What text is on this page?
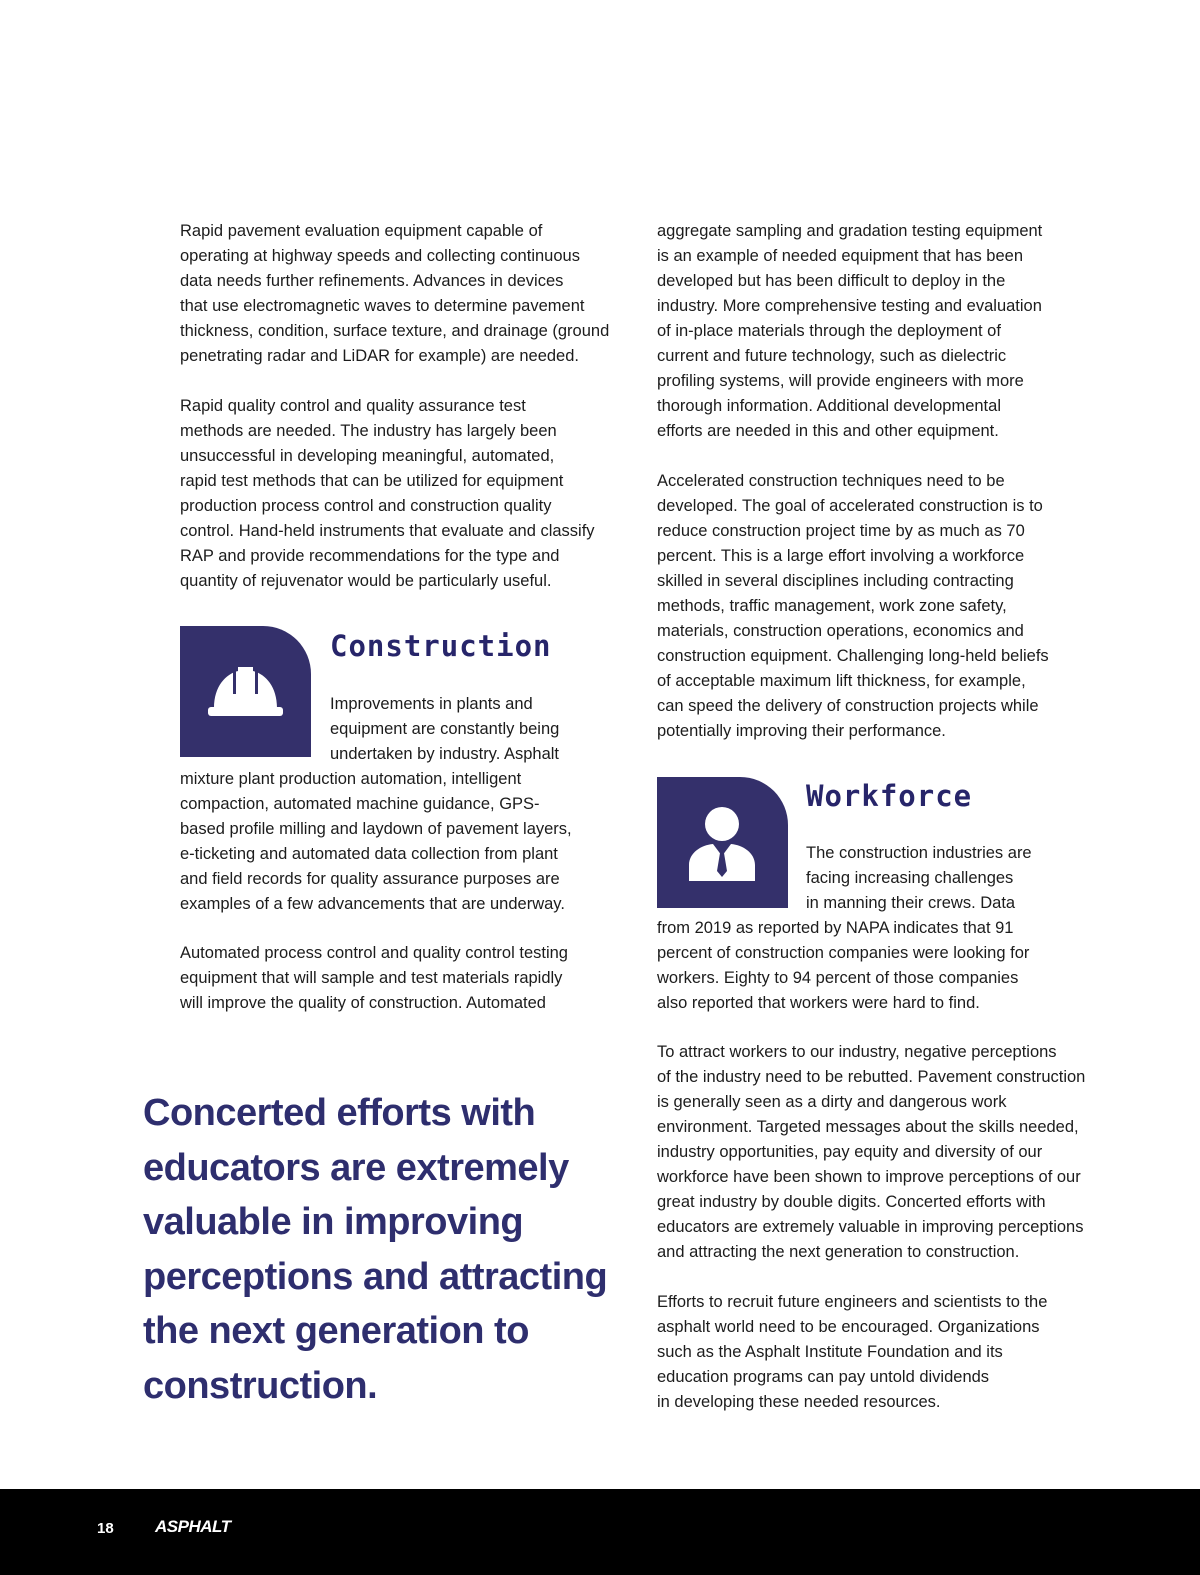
Rapid pavement evaluation equipment capable of
operating at highway speeds and collecting continuous
data needs further refinements. Advances in devices
that use electromagnetic waves to determine pavement
thickness, condition, surface texture, and drainage (ground
penetrating radar and LiDAR for example) are needed.

Rapid quality control and quality assurance test
methods are needed. The industry has largely been
unsuccessful in developing meaningful, automated,
rapid test methods that can be utilized for equipment
production process control and construction quality
control. Hand-held instruments that evaluate and classify
RAP and provide recommendations for the type and
quantity of rejuvenator would be particularly useful.

Construction
Improvements in plants and
equipment are constantly being
undertaken by industry. Asphalt
mixture plant production automation, intelligent
compaction, automated machine guidance, GPS-
based profile milling and laydown of pavement layers,
e-ticketing and automated data collection from plant
and field records for quality assurance purposes are
examples of a few advancements that are underway.
Automated process control and quality control testing
equipment that will sample and test materials rapidly
will improve the quality of construction. Automated
Concerted efforts with
educators are extremely
valuable in improving
perceptions and attracting
the next generation to
construction.

aggregate sampling and gradation testing equipment
is an example of needed equipment that has been
developed but has been difficult to deploy in the
industry. More comprehensive testing and evaluation
of in-place materials through the deployment of
current and future technology, such as dielectric
profiling systems, will provide engineers with more
thorough information. Additional developmental
efforts are needed in this and other equipment.

Accelerated construction techniques need to be
developed. The goal of accelerated construction is to
reduce construction project time by as much as 70
percent. This is a large effort involving a workforce
skilled in several disciplines including contracting
methods, traffic management, work zone safety,
materials, construction operations, economics and
construction equipment. Challenging long-held beliefs
of acceptable maximum lift thickness, for example,
can speed the delivery of construction projects while
potentially improving their performance.

Workforce
The construction industries are
facing increasing challenges
in manning their crews. Data
from 2019 as reported by NAPA indicates that 91
percent of construction companies were looking for
workers. Eighty to 94 percent of those companies
also reported that workers were hard to find.
To attract workers to our industry, negative perceptions
of the industry need to be rebutted. Pavement construction
is generally seen as a dirty and dangerous work
environment. Targeted messages about the skills needed,
industry opportunities, pay equity and diversity of our
workforce have been shown to improve perceptions of our
great industry by double digits. Concerted efforts with
educators are extremely valuable in improving perceptions
and attracting the next generation to construction.
Efforts to recruit future engineers and scientists to the
asphalt world need to be encouraged. Organizations
such as the Asphalt Institute Foundation and its
education programs can pay untold dividends
in developing these needed resources.
18 ASPHALT
